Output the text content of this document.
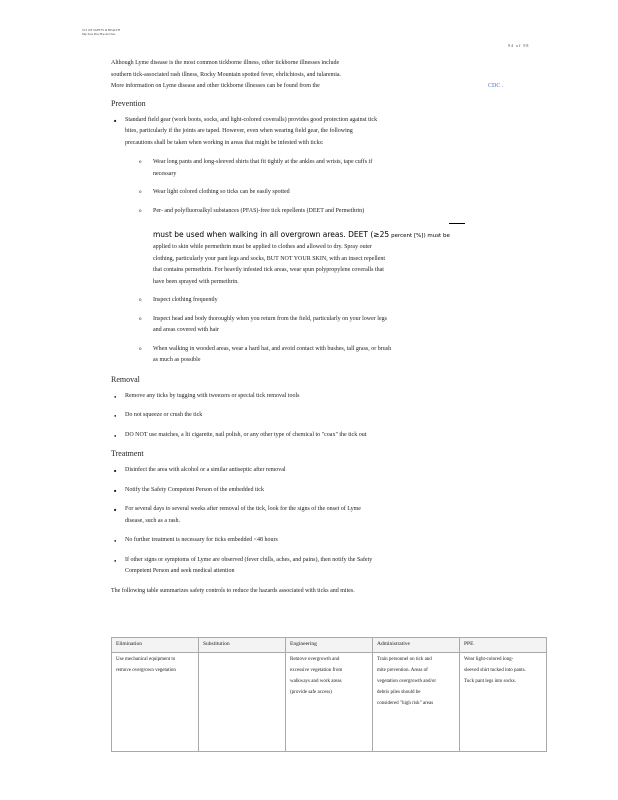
SLT 100 SAFETY & HEALTH
Imp Sees Pure Bas Ant Stes
94 of 98

Although Lyme disease is the most common tickborne illness, other tickborne illnesses include

southern tick-associated rash illness, Rocky Mountain spotted fever, ehrlichiosis, and tularemia.

More information on Lyme disease and other tickborne illnesses can be found from the	CDC .
Prevention
■ Standard field gear (work boots, socks, and light-colored coveralls) provides good protection against tick bites, particularly if the joints are taped. However, even when wearing field gear, the following precautions shall be taken when working in areas that might be infested with ticks:
o Wear long pants and long-sleeved shirts that fit tightly at the ankles and wrists, tape cuffs if necessary
o Wear light colored clothing so ticks can be easily spotted
o Per- and polyfluoroalkyl substances (PFAS)-free tick repellents (DEET and Permethrin)
must be used when walking in all overgrown areas. DEET (≥25 percent [%]) must be
applied to skin while permethrin must be applied to clothes and allowed to dry. Spray outer clothing, particularly your pant legs and socks, BUT NOT YOUR SKIN, with an insect repellent that contains permethrin. For heavily infested tick areas, wear spun polypropylene coveralls that have been sprayed with permethrin.
o Inspect clothing frequently
o Inspect head and body thoroughly when you return from the field, particularly on your lower legs and areas covered with hair
o When walking in wooded areas, wear a hard hat, and avoid contact with bushes, tall grass, or brush as much as possible
Removal
● Remove any ticks by tugging with tweezers or special tick removal tools
● Do not squeeze or crush the tick
● DO NOT use matches, a lit cigarette, nail polish, or any other type of chemical to "coax" the tick out
Treatment
■ Disinfect the area with alcohol or a similar antiseptic after removal
■ Notify the Safety Competent Person of the embedded tick
■ For several days to several weeks after removal of the tick, look for the signs of the onset of Lyme disease, such as a rash.
● No further treatment is necessary for ticks embedded <48 hours
● If other signs or symptoms of Lyme are observed (fever chills, aches, and pains), then notify the Safety Competent Person and seek medical attention

The following table summarizes safety controls to reduce the hazards associated with ticks and mites.

Elimination	Substitution	Engineering	Administrative	PPE

Use mechanical equipment to remove overgrown vegetation		Remove overgrowth and excessive vegetation from walkways and work areas (provide safe access)	Train personnel on tick and mite prevention. Areas of vegetation overgrowth and/or debris piles should be considered "high risk" areas	Wear light-colored long-sleeved shirt tucked into pants. Tuck pant legs into socks.
